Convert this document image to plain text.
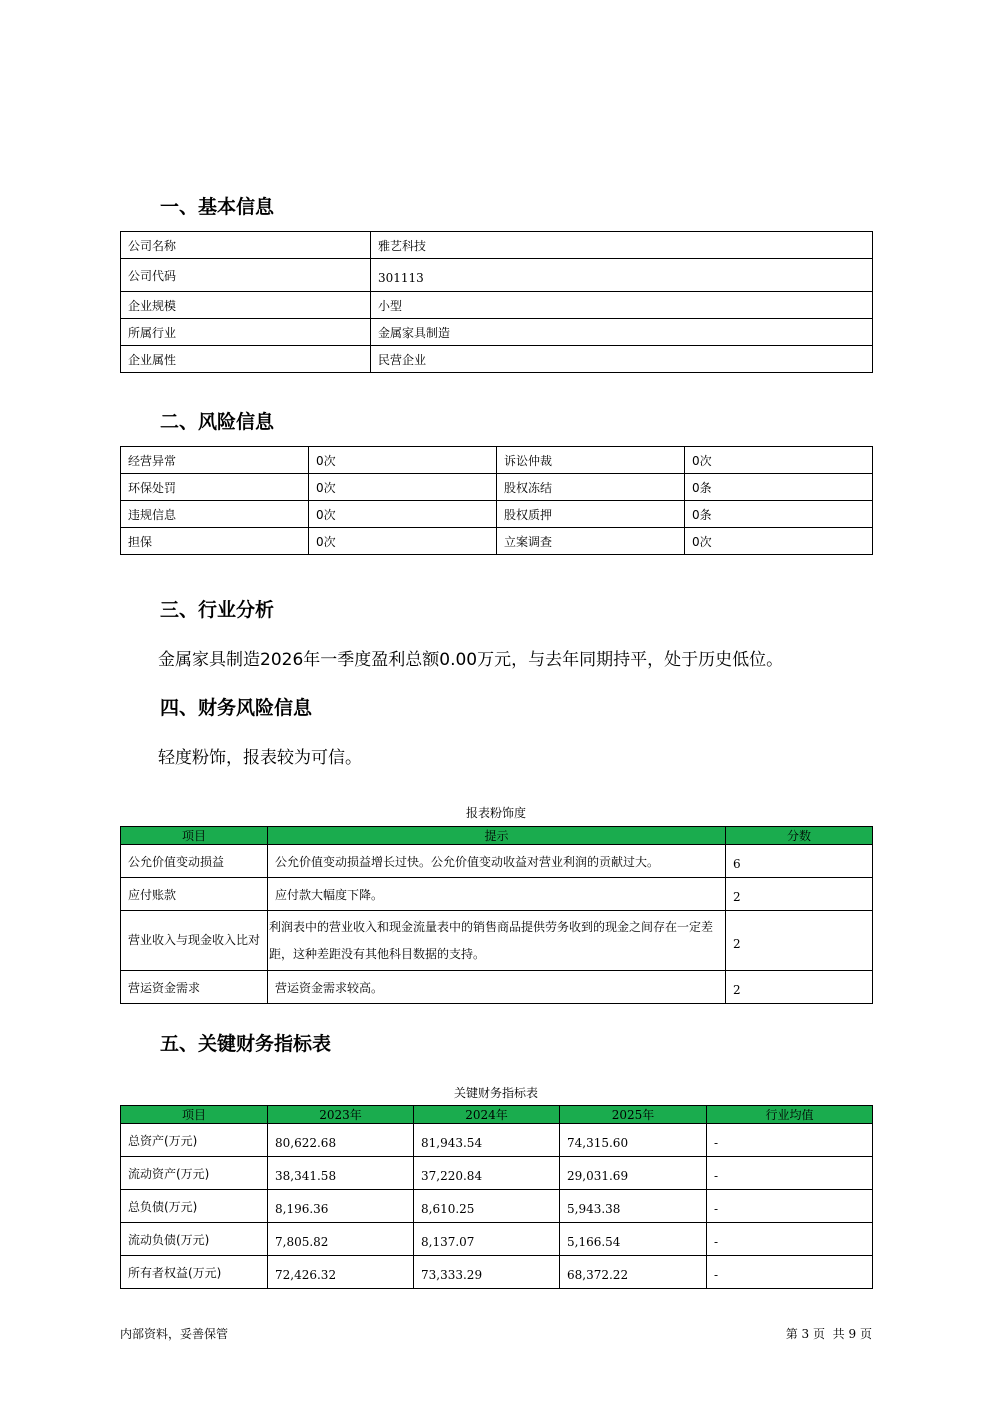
一、基本信息
公司名称	雅艺科技
公司代码	301113
企业规模	小型
所属行业	金属家具制造
企业属性	民营企业
二、风险信息
经营异常	0次	诉讼仲裁	0次
环保处罚	0次	股权冻结	0条
违规信息	0次	股权质押	0条
担保	0次	立案调查	0次
三、行业分析

金属家具制造2026年一季度盈利总额0.00万元，与去年同期持平，处于历史低位。

四、财务风险信息

轻度粉饰，报表较为可信。

报表粉饰度

项目	提示	分数
公允价值变动损益	公允价值变动损益增长过快。公允价值变动收益对营业利润的贡献过大。	6
应付账款	应付款大幅度下降。	2
营业收入与现金收入比对	利润表中的营业收入和现金流量表中的销售商品提供劳务收到的现金之间存在一定差距，这种差距没有其他科目数据的支持。	2
营运资金需求	营运资金需求较高。	2
五、关键财务指标表

关键财务指标表

项目	2023年	2024年	2025年	行业均值
总资产(万元)	80,622.68	81,943.54	74,315.60	-
流动资产(万元)	38,341.58	37,220.84	29,031.69	-
总负债(万元)	8,196.36	8,610.25	5,943.38	-
流动负债(万元)	7,805.82	8,137.07	5,166.54	-
所有者权益(万元)	72,426.32	73,333.29	68,372.22	-

内部资料，妥善保管	第 3 页 共 9 页
